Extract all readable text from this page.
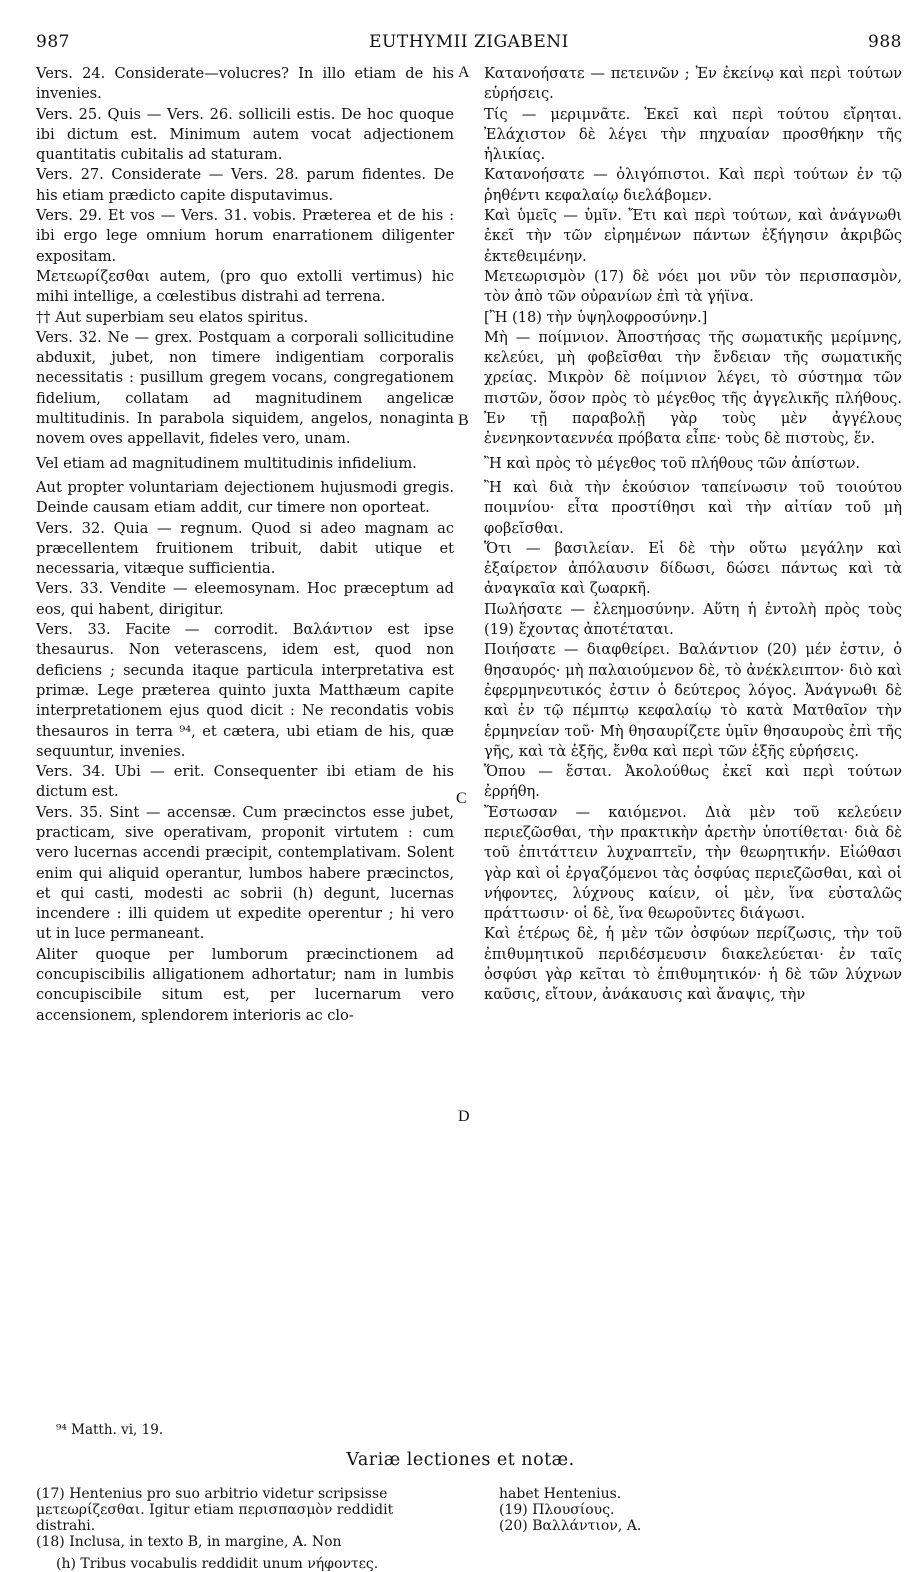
987	EUTHYMII ZIGABENI	988

Vers. 24. Considerate—volucres? In illo etiam de his invenies.

Vers. 25. Quis — Vers. 26. sollicili estis. De hoc quoque ibi dictum est. Minimum autem vocat adjectionem quantitatis cubitalis ad staturam.

Vers. 27. Considerate — Vers. 28. parum fidentes. De his etiam prædicto capite disputavimus.

Vers. 29. Et vos — Vers. 31. vobis. Præterea et de his : ibi ergo lege omnium horum enarrationem diligenter expositam.

Μετεωρίζεσθαι autem, (pro quo extolli vertimus) hic mihi intellige, a cœlestibus distrahi ad terrena.

†† Aut superbiam seu elatos spiritus.

Vers. 32. Ne — grex. Postquam a corporali sollicitudine abduxit, jubet, non timere indigentiam corporalis necessitatis : pusillum gregem vocans, congregationem fidelium, collatam ad magnitudinem angelicæ multitudinis. In parabola siquidem, angelos, nonaginta novem oves appellavit, fideles vero, unam.

Vel etiam ad magnitudinem multitudinis infidelium.

Aut propter voluntariam dejectionem hujusmodi gregis. Deinde causam etiam addit, cur timere non oporteat.

Vers. 32. Quia — regnum. Quod si adeo magnam ac præcellentem fruitionem tribuit, dabit utique et necessaria, vitæque sufficientia.

Vers. 33. Vendite — eleemosynam. Hoc præceptum ad eos, qui habent, dirigitur.

Vers. 33. Facite — corrodit. Βαλάντιον est ipse thesaurus. Non veterascens, idem est, quod non deficiens ; secunda itaque particula interpretativa est primæ. Lege præterea quinto juxta Matthæum capite interpretationem ejus quod dicit : Ne recondatis vobis thesauros in terra ⁹⁴, et cætera, ubi etiam de his, quæ sequuntur, invenies.

Vers. 34. Ubi — erit. Consequenter ibi etiam de his dictum est.

Vers. 35. Sint — accensæ. Cum præcinctos esse jubet, practicam, sive operativam, proponit virtutem : cum vero lucernas accendi præcipit, contemplativam. Solent enim qui aliquid operantur, lumbos habere præcinctos, et qui casti, modesti ac sobrii (h) degunt, lucernas incendere : illi quidem ut expedite operentur ; hi vero ut in luce permaneant.

Aliter quoque per lumborum præcinctionem ad concupiscibilis alligationem adhortatur; nam in lumbis concupiscibile situm est, per lucernarum vero accensionem, splendorem interioris ac clo-

Κατανοήσατε — πετεινῶν ; Ἐν ἐκείνῳ καὶ περὶ τούτων εὑρήσεις.

Τίς — μεριμνᾶτε. Ἐκεῖ καὶ περὶ τούτου εἴρηται. Ἐλάχιστον δὲ λέγει τὴν πηχυαίαν προσθήκην τῆς ἡλικίας.

Κατανοήσατε — ὀλιγόπιστοι. Καὶ περὶ τούτων ἐν τῷ ῥηθέντι κεφαλαίῳ διελάβομεν.

Καὶ ὑμεῖς — ὑμῖν. Ἔτι καὶ περὶ τούτων, καὶ ἀνάγνωθι ἐκεῖ τὴν τῶν εἰρημένων πάντων ἐξήγησιν ἀκριβῶς ἐκτεθειμένην.

Μετεωρισμὸν (17) δὲ νόει μοι νῦν τὸν περισπασμὸν, τὸν ἀπὸ τῶν οὐρανίων ἐπὶ τὰ γήϊνα.

[Ἢ (18) τὴν ὑψηλοφροσύνην.]

Μὴ — ποίμνιον. Ἀποστήσας τῆς σωματικῆς μερίμνης, κελεύει, μὴ φοβεῖσθαι τὴν ἔνδειαν τῆς σωματικῆς χρείας. Μικρὸν δὲ ποίμνιον λέγει, τὸ σύστημα τῶν πιστῶν, ὅσον πρὸς τὸ μέγεθος τῆς ἀγγελικῆς πλήθους. Ἐν τῇ παραβολῇ γὰρ τοὺς μὲν ἀγγέλους ἐνενηκονταεννέα πρόβατα εἶπε· τοὺς δὲ πιστοὺς, ἕν.

Ἢ καὶ πρὸς τὸ μέγεθος τοῦ πλήθους τῶν ἀπίστων.

Ἢ καὶ διὰ τὴν ἑκούσιον ταπείνωσιν τοῦ τοιούτου ποιμνίου· εἶτα προστίθησι καὶ τὴν αἰτίαν τοῦ μὴ φοβεῖσθαι.

Ὅτι — βασιλείαν. Εἰ δὲ τὴν οὕτω μεγάλην καὶ ἐξαίρετον ἀπόλαυσιν δίδωσι, δώσει πάντως καὶ τὰ ἀναγκαῖα καὶ ζωαρκῆ.

Πωλήσατε — ἐλεημοσύνην. Αὕτη ἡ ἐντολὴ πρὸς τοὺς (19) ἔχοντας ἀποτέταται.

Ποιήσατε — διαφθείρει. Βαλάντιον (20) μέν ἐστιν, ὁ θησαυρός· μὴ παλαιούμενον δὲ, τὸ ἀνέκλειπτον· διὸ καὶ ἐφερμηνευτικός ἐστιν ὁ δεύτερος λόγος. Ἀνάγνωθι δὲ καὶ ἐν τῷ πέμπτῳ κεφαλαίῳ τὸ κατὰ Ματθαῖον τὴν ἑρμηνείαν τοῦ· Μὴ θησαυρίζετε ὑμῖν θησαυροὺς ἐπὶ τῆς γῆς, καὶ τὰ ἑξῆς, ἔνθα καὶ περὶ τῶν ἑξῆς εὑρήσεις.

Ὅπου — ἔσται. Ἀκολούθως ἐκεῖ καὶ περὶ τούτων ἐρρήθη.

Ἔστωσαν — καιόμενοι. Διὰ μὲν τοῦ κελεύειν περιεζῶσθαι, τὴν πρακτικὴν ἀρετὴν ὑποτίθεται· διὰ δὲ τοῦ ἐπιτάττειν λυχναπτεῖν, τὴν θεωρητικήν. Εἰώθασι γὰρ καὶ οἱ ἐργαζόμενοι τὰς ὀσφύας περιεζῶσθαι, καὶ οἱ νήφοντες, λύχνους καίειν, οἱ μὲν, ἵνα εὐσταλῶς πράττωσιν· οἱ δὲ, ἵνα θεωροῦντες διάγωσι.

Καὶ ἑτέρως δὲ, ἡ μὲν τῶν ὀσφύων περίζωσις, τὴν τοῦ ἐπιθυμητικοῦ περιδέσμευσιν διακελεύεται· ἐν ταῖς ὀσφύσι γὰρ κεῖται τὸ ἐπιθυμητικόν· ἡ δὲ τῶν λύχνων καῦσις, εἴτουν, ἀνάκαυσις καὶ ἄναψις, τὴν

A
B
C
D
⁹⁴ Matth. vi, 19.
Variæ lectiones et notæ.

(17) Hentenius pro suo arbitrio videtur scripsisse μετεωρίζεσθαι. Igitur etiam περισπασμὸν reddidit distrahi.

(18) Inclusa, in texto B, in margine, A. Non

habet Hentenius.

(19) Πλουσίους.

(20) Βαλλάντιον, A.

(h) Tribus vocabulis reddidit unum νήφοντες.
